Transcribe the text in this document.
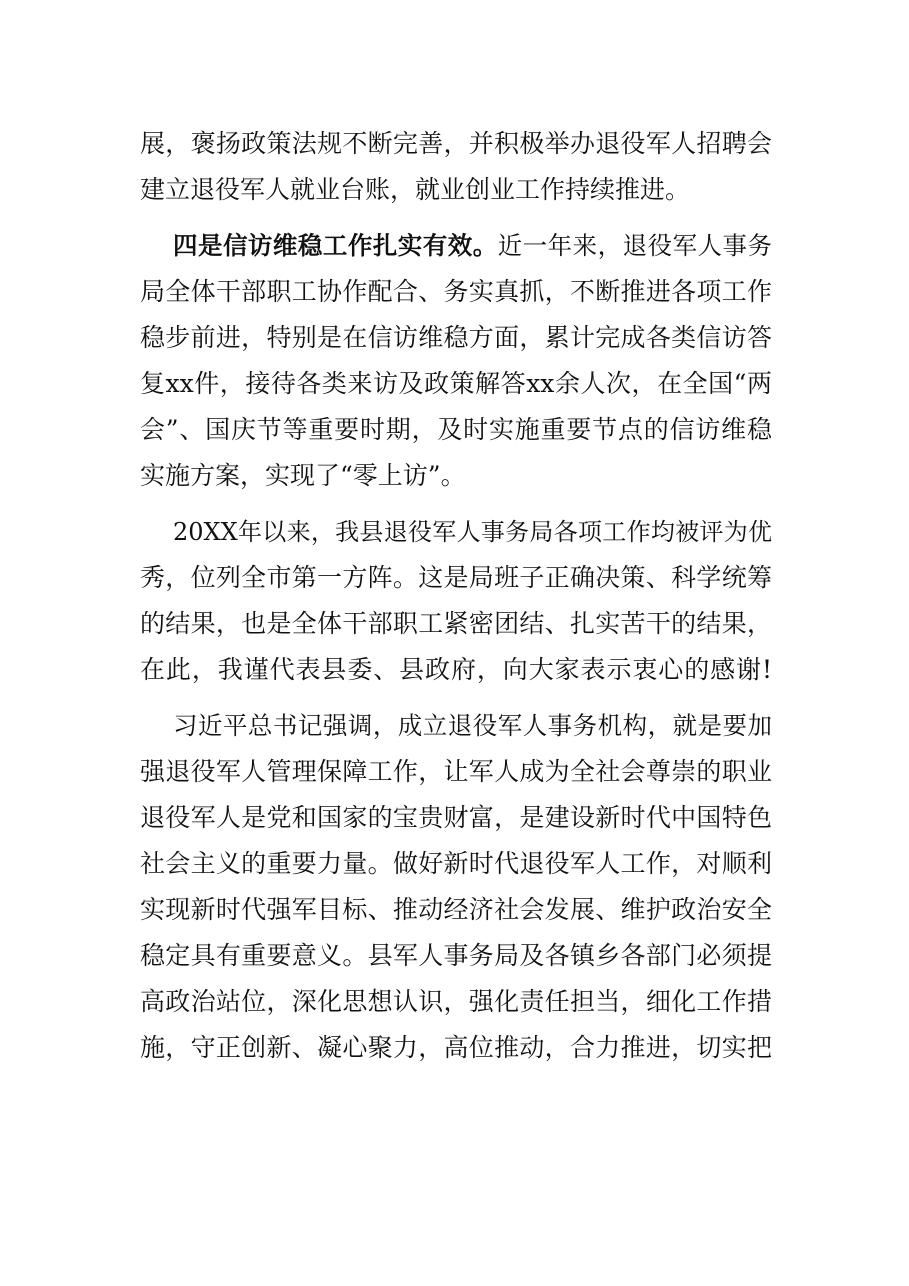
展，褒扬政策法规不断完善，并积极举办退役军人招聘会
建立退役军人就业台账，就业创业工作持续推进。
四是信访维稳工作扎实有效。近一年来，退役军人事务
局全体干部职工协作配合、务实真抓，不断推进各项工作
稳步前进，特别是在信访维稳方面，累计完成各类信访答
复xx件，接待各类来访及政策解答xx余人次，在全国“两
会”、国庆节等重要时期，及时实施重要节点的信访维稳
实施方案，实现了“零上访”。
20XX年以来，我县退役军人事务局各项工作均被评为优
秀，位列全市第一方阵。这是局班子正确决策、科学统筹
的结果，也是全体干部职工紧密团结、扎实苦干的结果，
在此，我谨代表县委、县政府，向大家表示衷心的感谢!
习近平总书记强调，成立退役军人事务机构，就是要加
强退役军人管理保障工作，让军人成为全社会尊崇的职业
退役军人是党和国家的宝贵财富，是建设新时代中国特色
社会主义的重要力量。做好新时代退役军人工作，对顺利
实现新时代强军目标、推动经济社会发展、维护政治安全
稳定具有重要意义。县军人事务局及各镇乡各部门必须提
高政治站位，深化思想认识，强化责任担当，细化工作措
施，守正创新、凝心聚力，高位推动，合力推进，切实把
